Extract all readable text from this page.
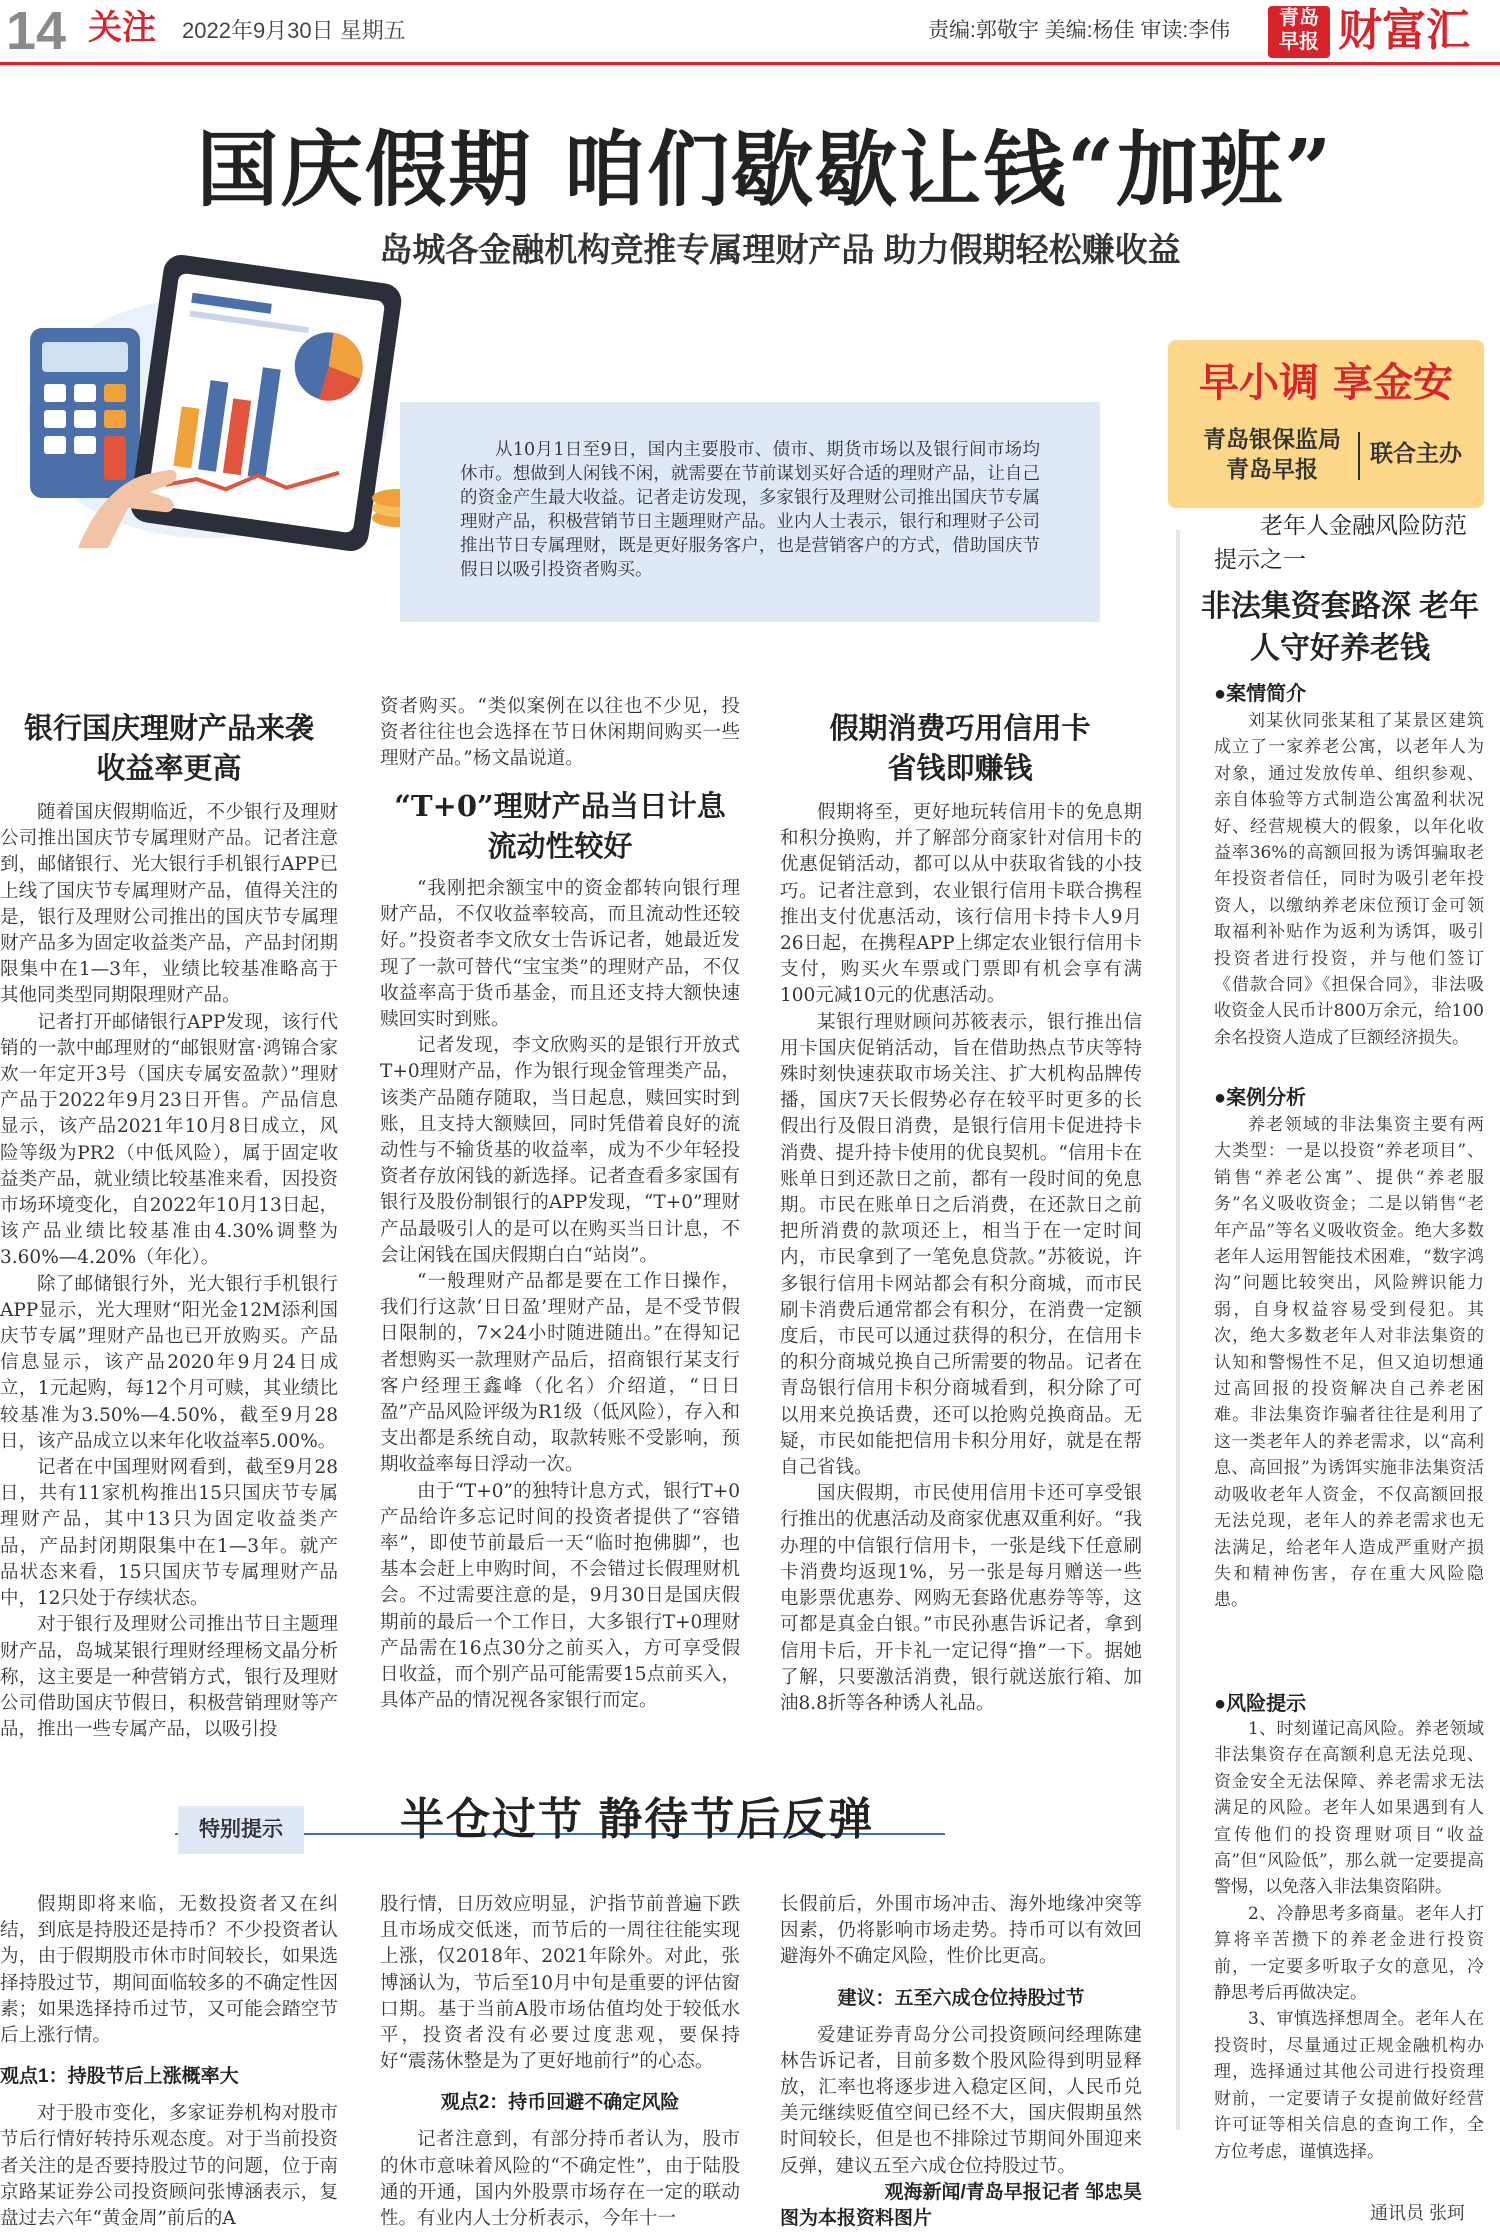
14 关注 2022年9月30日 星期五	责编:郭敬宇 美编:杨佳 审读:李伟
青岛
早报 财富汇
国庆假期 咱们歇歇让钱“加班”
岛城各金融机构竞推专属理财产品 助力假期轻松赚收益
从10月1日至9日，国内主要股市、债市、期货市场以及银行间市场均休市。想做到人闲钱不闲，就需要在节前谋划买好合适的理财产品，让自己的资金产生最大收益。记者走访发现，多家银行及理财公司推出国庆节专属理财产品，积极营销节日主题理财产品。业内人士表示，银行和理财子公司推出节日专属理财，既是更好服务客户，也是营销客户的方式，借助国庆节假日以吸引投资者购买。
早小调 享金安
青岛银保监局
青岛早报
联合主办
老年人金融风险防范提示之一
非法集资套路深 老年人守好养老钱
●案情简介
刘某伙同张某租了某景区建筑成立了一家养老公寓，以老年人为对象，通过发放传单、组织参观、亲自体验等方式制造公寓盈利状况好、经营规模大的假象，以年化收益率36%的高额回报为诱饵骗取老年投资者信任，同时为吸引老年投资人，以缴纳养老床位预订金可领取福利补贴作为返利为诱饵，吸引投资者进行投资，并与他们签订《借款合同》《担保合同》，非法吸收资金人民币计800万余元，给100余名投资人造成了巨额经济损失。
●案例分析
养老领域的非法集资主要有两大类型：一是以投资“养老项目”、销售“养老公寓”、提供“养老服务”名义吸收资金；二是以销售“老年产品”等名义吸收资金。绝大多数老年人运用智能技术困难，“数字鸿沟”问题比较突出，风险辨识能力弱，自身权益容易受到侵犯。其次，绝大多数老年人对非法集资的认知和警惕性不足，但又迫切想通过高回报的投资解决自己养老困难。非法集资诈骗者往往是利用了这一类老年人的养老需求，以“高利息、高回报”为诱饵实施非法集资活动吸收老年人资金，不仅高额回报无法兑现，老年人的养老需求也无法满足，给老年人造成严重财产损失和精神伤害，存在重大风险隐患。
●风险提示

1、时刻谨记高风险。养老领域非法集资存在高额利息无法兑现、资金安全无法保障、养老需求无法满足的风险。老年人如果遇到有人宣传他们的投资理财项目“收益高”但“风险低”，那么就一定要提高警惕，以免落入非法集资陷阱。

2、冷静思考多商量。老年人打算将辛苦攒下的养老金进行投资前，一定要多听取子女的意见，冷静思考后再做决定。

3、审慎选择想周全。老年人在投资时，尽量通过正规金融机构办理，选择通过其他公司进行投资理财前，一定要请子女提前做好经营许可证等相关信息的查询工作，全方位考虑，谨慎选择。

通讯员 张珂
银行国庆理财产品来袭 收益率更高

随着国庆假期临近，不少银行及理财公司推出国庆节专属理财产品。记者注意到，邮储银行、光大银行手机银行APP已上线了国庆节专属理财产品，值得关注的是，银行及理财公司推出的国庆节专属理财产品多为固定收益类产品，产品封闭期限集中在1—3年，业绩比较基准略高于其他同类型同期限理财产品。

记者打开邮储银行APP发现，该行代销的一款中邮理财的“邮银财富·鸿锦合家欢一年定开3号（国庆专属安盈款）”理财产品于2022年9月23日开售。产品信息显示，该产品2021年10月8日成立，风险等级为PR2（中低风险），属于固定收益类产品，就业绩比较基准来看，因投资市场环境变化，自2022年10月13日起，该产品业绩比较基准由4.30%调整为3.60%—4.20%（年化）。

除了邮储银行外，光大银行手机银行APP显示，光大理财“阳光金12M添利国庆节专属”理财产品也已开放购买。产品信息显示，该产品2020年9月24日成立，1元起购，每12个月可赎，其业绩比较基准为3.50%—4.50%，截至9月28日，该产品成立以来年化收益率5.00%。

记者在中国理财网看到，截至9月28日，共有11家机构推出15只国庆节专属理财产品，其中13只为固定收益类产品，产品封闭期限集中在1—3年。就产品状态来看，15只国庆节专属理财产品中，12只处于存续状态。

对于银行及理财公司推出节日主题理财产品，岛城某银行理财经理杨文晶分析称，这主要是一种营销方式，银行及理财公司借助国庆节假日，积极营销理财等产品，推出一些专属产品，以吸引投

资者购买。“类似案例在以往也不少见，投资者往往也会选择在节日休闲期间购买一些理财产品。”杨文晶说道。

“T+0”理财产品当日计息 流动性较好

“我刚把余额宝中的资金都转向银行理财产品，不仅收益率较高，而且流动性还较好。”投资者李文欣女士告诉记者，她最近发现了一款可替代“宝宝类”的理财产品，不仅收益率高于货币基金，而且还支持大额快速赎回实时到账。

记者发现，李文欣购买的是银行开放式T+0理财产品，作为银行现金管理类产品，该类产品随存随取，当日起息，赎回实时到账，且支持大额赎回，同时凭借着良好的流动性与不输货基的收益率，成为不少年轻投资者存放闲钱的新选择。记者查看多家国有银行及股份制银行的APP发现，“T+0”理财产品最吸引人的是可以在购买当日计息，不会让闲钱在国庆假期白白“站岗”。

“一般理财产品都是要在工作日操作，我们行这款‘日日盈’理财产品，是不受节假日限制的，7×24小时随进随出。”在得知记者想购买一款理财产品后，招商银行某支行客户经理王鑫峰（化名）介绍道，“日日盈”产品风险评级为R1级（低风险），存入和支出都是系统自动，取款转账不受影响，预期收益率每日浮动一次。

由于“T+0”的独特计息方式，银行T+0产品给许多忘记时间的投资者提供了“容错率”，即使节前最后一天“临时抱佛脚”，也基本会赶上申购时间，不会错过长假理财机会。不过需要注意的是，9月30日是国庆假期前的最后一个工作日，大多银行T+0理财产品需在16点30分之前买入，方可享受假日收益，而个别产品可能需要15点前买入，具体产品的情况视各家银行而定。

假期消费巧用信用卡 省钱即赚钱

假期将至，更好地玩转信用卡的免息期和积分换购，并了解部分商家针对信用卡的优惠促销活动，都可以从中获取省钱的小技巧。记者注意到，农业银行信用卡联合携程推出支付优惠活动，该行信用卡持卡人9月26日起，在携程APP上绑定农业银行信用卡支付，购买火车票或门票即有机会享有满100元减10元的优惠活动。

某银行理财顾问苏筱表示，银行推出信用卡国庆促销活动，旨在借助热点节庆等特殊时刻快速获取市场关注、扩大机构品牌传播，国庆7天长假势必存在较平时更多的长假出行及假日消费，是银行信用卡促进持卡消费、提升持卡使用的优良契机。“信用卡在账单日到还款日之前，都有一段时间的免息期。市民在账单日之后消费，在还款日之前把所消费的款项还上，相当于在一定时间内，市民拿到了一笔免息贷款。”苏筱说，许多银行信用卡网站都会有积分商城，而市民刷卡消费后通常都会有积分，在消费一定额度后，市民可以通过获得的积分，在信用卡的积分商城兑换自己所需要的物品。记者在青岛银行信用卡积分商城看到，积分除了可以用来兑换话费，还可以抢购兑换商品。无疑，市民如能把信用卡积分用好，就是在帮自己省钱。

国庆假期，市民使用信用卡还可享受银行推出的优惠活动及商家优惠双重利好。“我办理的中信银行信用卡，一张是线下任意刷卡消费均返现1%，另一张是每月赠送一些电影票优惠券、网购无套路优惠券等等，这可都是真金白银。”市民孙惠告诉记者，拿到信用卡后，开卡礼一定记得“撸”一下。据她了解，只要激活消费，银行就送旅行箱、加油8.8折等各种诱人礼品。

特别提示	半仓过节 静待节后反弹

假期即将来临，无数投资者又在纠结，到底是持股还是持币？不少投资者认为，由于假期股市休市时间较长，如果选择持股过节，期间面临较多的不确定性因素；如果选择持币过节，又可能会踏空节后上涨行情。

观点1：持股节后上涨概率大

对于股市变化，多家证券机构对股市节后行情好转持乐观态度。对于当前投资者关注的是否要持股过节的问题，位于南京路某证券公司投资顾问张博涵表示，复盘过去六年“黄金周”前后的A

股行情，日历效应明显，沪指节前普遍下跌且市场成交低迷，而节后的一周往往能实现上涨，仅2018年、2021年除外。对此，张博涵认为，节后至10月中旬是重要的评估窗口期。基于当前A股市场估值均处于较低水平，投资者没有必要过度悲观，要保持好“震荡休整是为了更好地前行”的心态。

观点2：持币回避不确定风险

记者注意到，有部分持币者认为，股市的休市意味着风险的“不确定性”，由于陆股通的开通，国内外股票市场存在一定的联动性。有业内人士分析表示，今年十一

长假前后，外围市场冲击、海外地缘冲突等因素，仍将影响市场走势。持币可以有效回避海外不确定风险，性价比更高。

建议：五至六成仓位持股过节

爱建证券青岛分公司投资顾问经理陈建林告诉记者，目前多数个股风险得到明显释放，汇率也将逐步进入稳定区间，人民币兑美元继续贬值空间已经不大，国庆假期虽然时间较长，但是也不排除过节期间外围迎来反弹，建议五至六成仓位持股过节。

观海新闻/青岛早报记者 邹忠昊
图为本报资料图片
